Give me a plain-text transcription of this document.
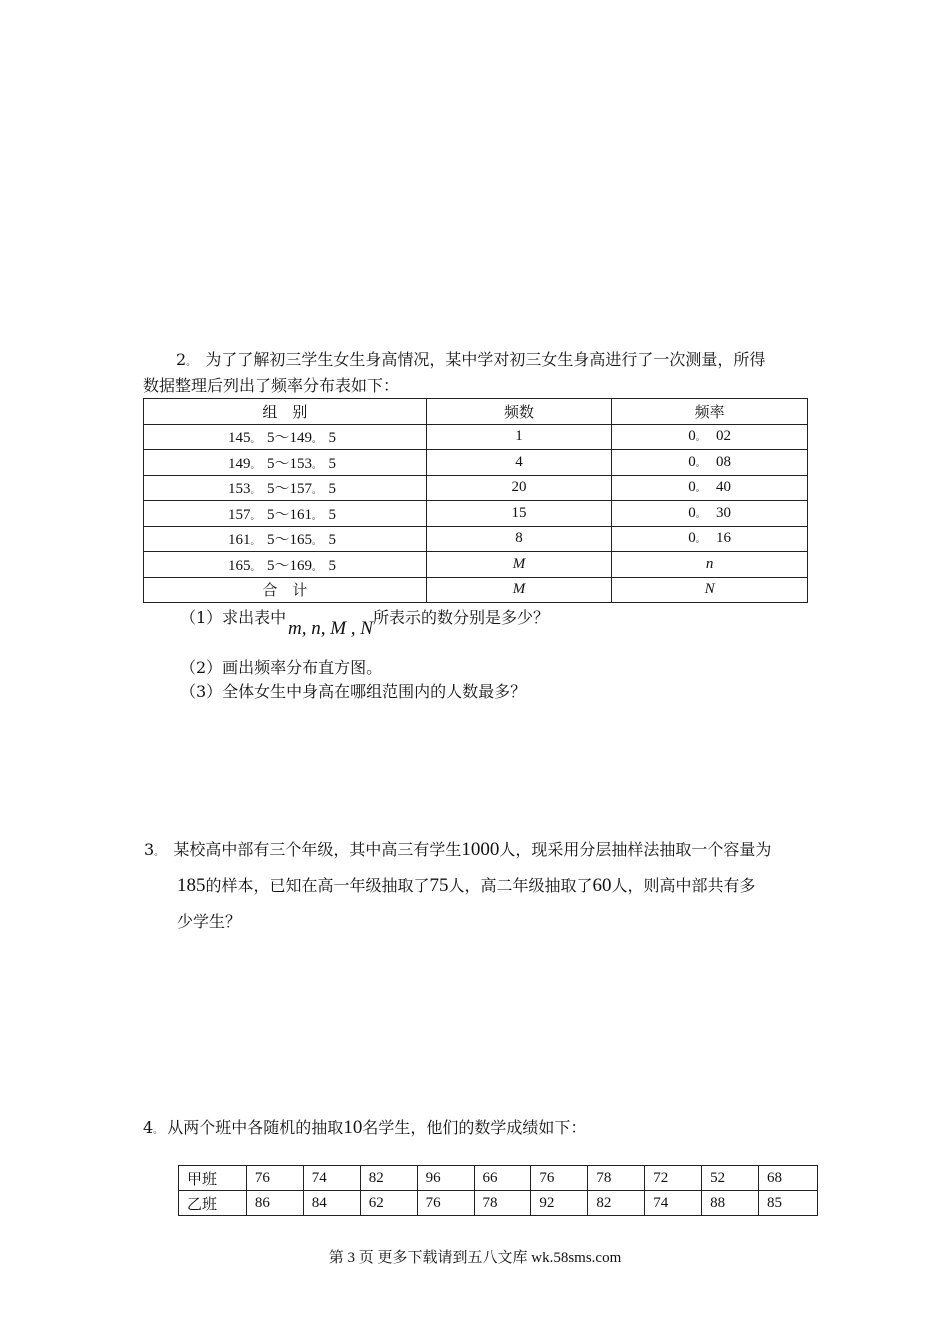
2。 为了了解初三学生女生身高情况，某中学对初三女生身高进行了一次测量，所得
数据整理后列出了频率分布表如下：
组　别	频数	频率
145。 5～149。 5	1	0。 02
149。 5～153。 5	4	0。 08
153。 5～157。 5	20	0。 40
157。 5～161。 5	15	0。 30
161。 5～165。 5	8	0。 16
165。 5～169。 5	M	n
合　计	M	N
（1）求出表中
m, n, M , N
所表示的数分别是多少？
（2）画出频率分布直方图。
（3）全体女生中身高在哪组范围内的人数最多？
3。 某校高中部有三个年级，其中高三有学生1000人，现采用分层抽样法抽取一个容量为
185的样本，已知在高一年级抽取了75人，高二年级抽取了60人，则高中部共有多
少学生？
4。 从两个班中各随机的抽取10名学生，他们的数学成绩如下：
甲班	76	74	82	96	66	76	78	72	52	68
乙班	86	84	62	76	78	92	82	74	88	85
第 3 页 更多下载请到五八文库 wk.58sms.com
